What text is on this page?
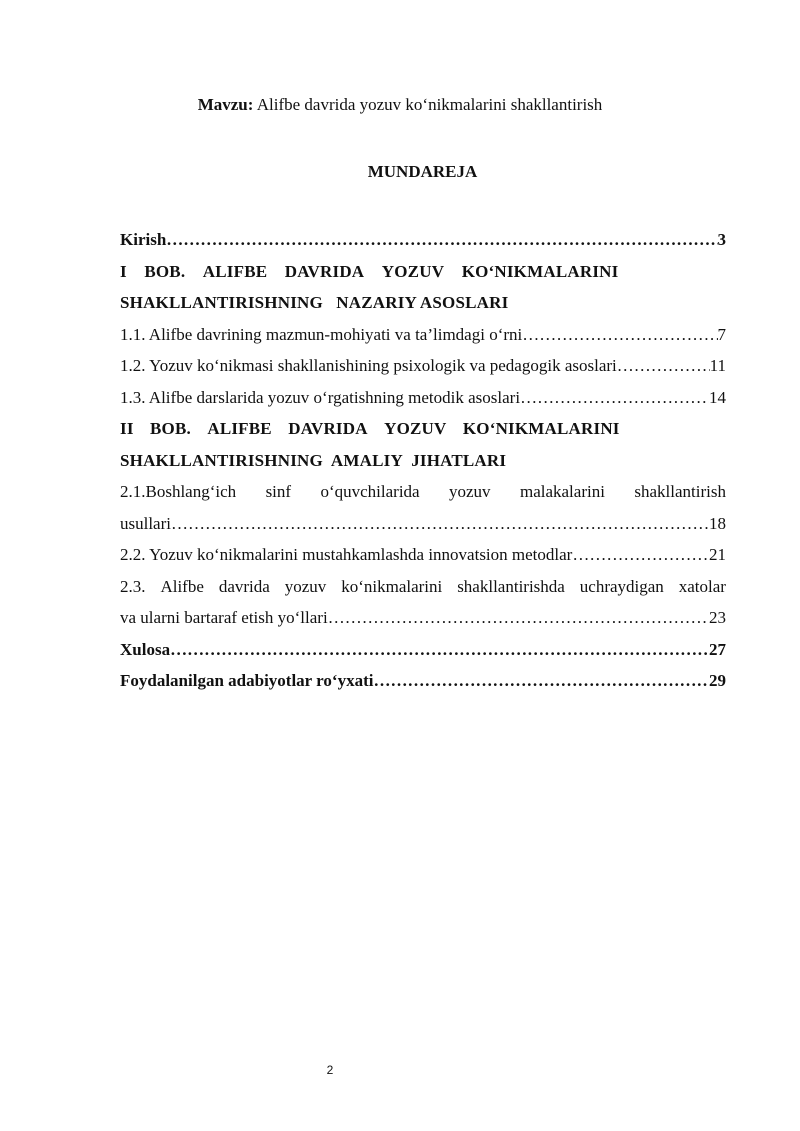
Mavzu: Alifbe davrida yozuv ko‘nikmalarini shakllantirish
MUNDAREJA
Kirish ……………………………………………………………………………………………………………………………………………………	3
I BOB. ALIFBE DAVRIDA YOZUV KO‘NIKMALARINI
SHAKLLANTIRISHNING   NAZARIY ASOSLARI
1.1. Alifbe davrining mazmun-mohiyati va ta’limdagi o‘rni ……………………………………………………………………………………………………………………………………………………	7
1.2. Yozuv ko‘nikmasi shakllanishining psixologik va pedagogik asoslari ……………………………………………………………………………………………………………………………………………………	11
1.3. Alifbe darslarida yozuv o‘rgatishning metodik asoslari ……………………………………………………………………………………………………………………………………………………	14
II BOB. ALIFBE DAVRIDA YOZUV KO‘NIKMALARINI
SHAKLLANTIRISHNING  AMALIY  JIHATLARI
2.1.Boshlang‘ich sinf o‘quvchilarida yozuv malakalarini shakllantirish
usullari ……………………………………………………………………………………………………………………………………………………	18
2.2. Yozuv ko‘nikmalarini mustahkamlashda innovatsion metodlar ……………………………………………………………………………………………………………………………………………………	21
2.3. Alifbe davrida yozuv ko‘nikmalarini shakllantirishda uchraydigan xatolar
va ularni bartaraf etish yo‘llari ……………………………………………………………………………………………………………………………………………………	23
Xulosa ……………………………………………………………………………………………………………………………………………………	27
Foydalanilgan adabiyotlar ro‘yxati ……………………………………………………………………………………………………………………………………………………	29
2
